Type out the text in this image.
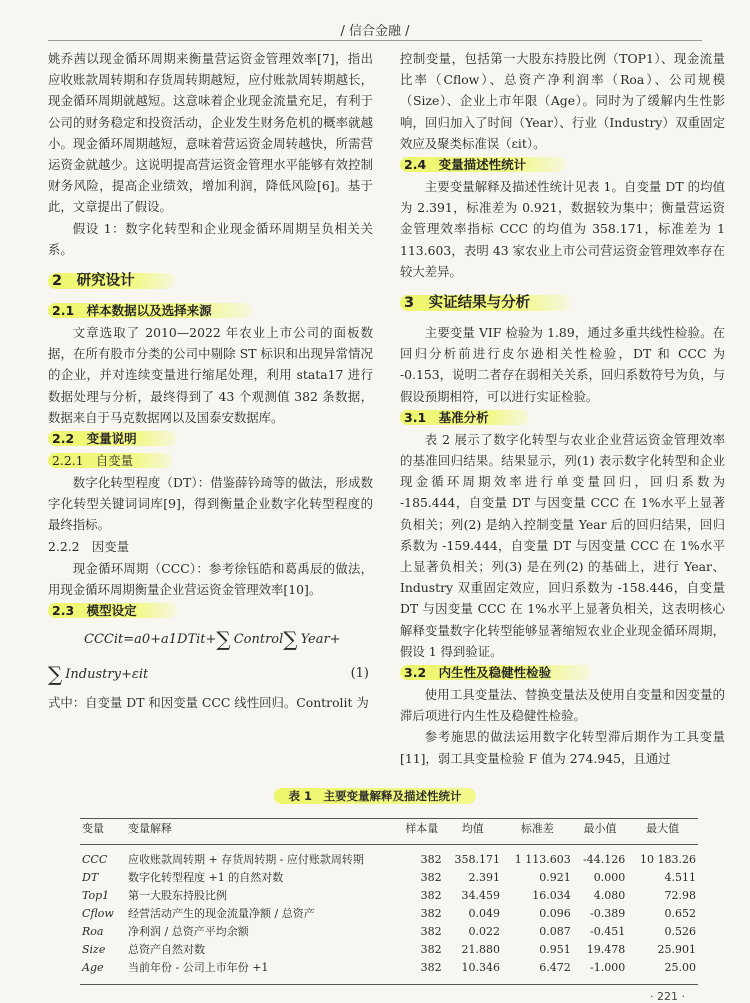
/ 信合金融 /

姚乔茜以现金循环周期来衡量营运资金管理效率[7]，指出应收账款周转期和存货周转期越短，应付账款周转期越长，现金循环周期就越短。这意味着企业现金流量充足，有利于公司的财务稳定和投资活动，企业发生财务危机的概率就越小。现金循环周期越短，意味着营运资金周转越快，所需营运资金就越少。这说明提高营运资金管理水平能够有效控制财务风险，提高企业绩效，增加利润，降低风险[6]。基于此，文章提出了假设。

假设 1：数字化转型和企业现金循环周期呈负相关关系。

2　研究设计
2.1　样本数据以及选择来源

文章选取了 2010—2022 年农业上市公司的面板数据，在所有股市分类的公司中剔除 ST 标识和出现异常情况的企业，并对连续变量进行缩尾处理，利用 stata17 进行数据处理与分析，最终得到了 43 个观测值 382 条数据，数据来自于马克数据网以及国泰安数据库。

2.2　变量说明
2.2.1　自变量

数字化转型程度（DT）：借鉴薛钤琦等的做法，形成数字化转型关键词词库[9]，得到衡量企业数字化转型程度的最终指标。

2.2.2　因变量

现金循环周期（CCC）：参考徐钰皓和葛禹辰的做法，用现金循环周期衡量企业营运资金管理效率[10]。

2.3　模型设定
CCCit=a0+a1DTit+∑ Control∑ Year+
∑ Industry+εit	(1)

式中：自变量 DT 和因变量 CCC 线性回归。Controlit 为

控制变量，包括第一大股东持股比例（TOP1）、现金流量比率（Cflow）、总资产净利润率（Roa）、公司规模（Size）、企业上市年限（Age）。同时为了缓解内生性影响，回归加入了时间（Year）、行业（Industry）双重固定效应及聚类标准误（εit）。

2.4　变量描述性统计

主要变量解释及描述性统计见表 1。自变量 DT 的均值为 2.391，标准差为 0.921，数据较为集中；衡量营运资金管理效率指标 CCC 的均值为 358.171，标准差为 1 113.603，表明 43 家农业上市公司营运资金管理效率存在较大差异。

3　实证结果与分析

主要变量 VIF 检验为 1.89，通过多重共线性检验。在回归分析前进行皮尔逊相关性检验，DT 和 CCC 为 -0.153，说明二者存在弱相关关系，回归系数符号为负，与假设预期相符，可以进行实证检验。

3.1　基准分析

表 2 展示了数字化转型与农业企业营运资金管理效率的基准回归结果。结果显示，列(1) 表示数字化转型和企业现金循环周期效率进行单变量回归，回归系数为 -185.444，自变量 DT 与因变量 CCC 在 1%水平上显著负相关；列(2) 是纳入控制变量 Year 后的回归结果，回归系数为 -159.444，自变量 DT 与因变量 CCC 在 1%水平上显著负相关；列(3) 是在列(2) 的基础上，进行 Year、Industry 双重固定效应，回归系数为 -158.446，自变量 DT 与因变量 CCC 在 1%水平上显著负相关，这表明核心解释变量数字化转型能够显著缩短农业企业现金循环周期，假设 1 得到验证。

3.2　内生性及稳健性检验

使用工具变量法、替换变量法及使用自变量和因变量的滞后项进行内生性及稳健性检验。

参考施思的做法运用数字化转型滞后期作为工具变量[11]，弱工具变量检验 F 值为 274.945，且通过

表 1　主要变量解释及描述性统计
变量	变量解释	样本量	均值	标准差	最小值	最大值
CCC	应收账款周转期 + 存货周转期 - 应付账款周转期	382	358.171	1 113.603	-44.126	10 183.26
DT	数字化转型程度 +1 的自然对数	382	2.391	0.921	0.000	4.511
Top1	第一大股东持股比例	382	34.459	16.034	4.080	72.98
Cflow	经营活动产生的现金流量净额 / 总资产	382	0.049	0.096	-0.389	0.652
Roa	净利润 / 总资产平均余额	382	0.022	0.087	-0.451	0.526
Size	总资产自然对数	382	21.880	0.951	19.478	25.901
Age	当前年份 - 公司上市年份 +1	382	10.346	6.472	-1.000	25.00
· 221 ·
